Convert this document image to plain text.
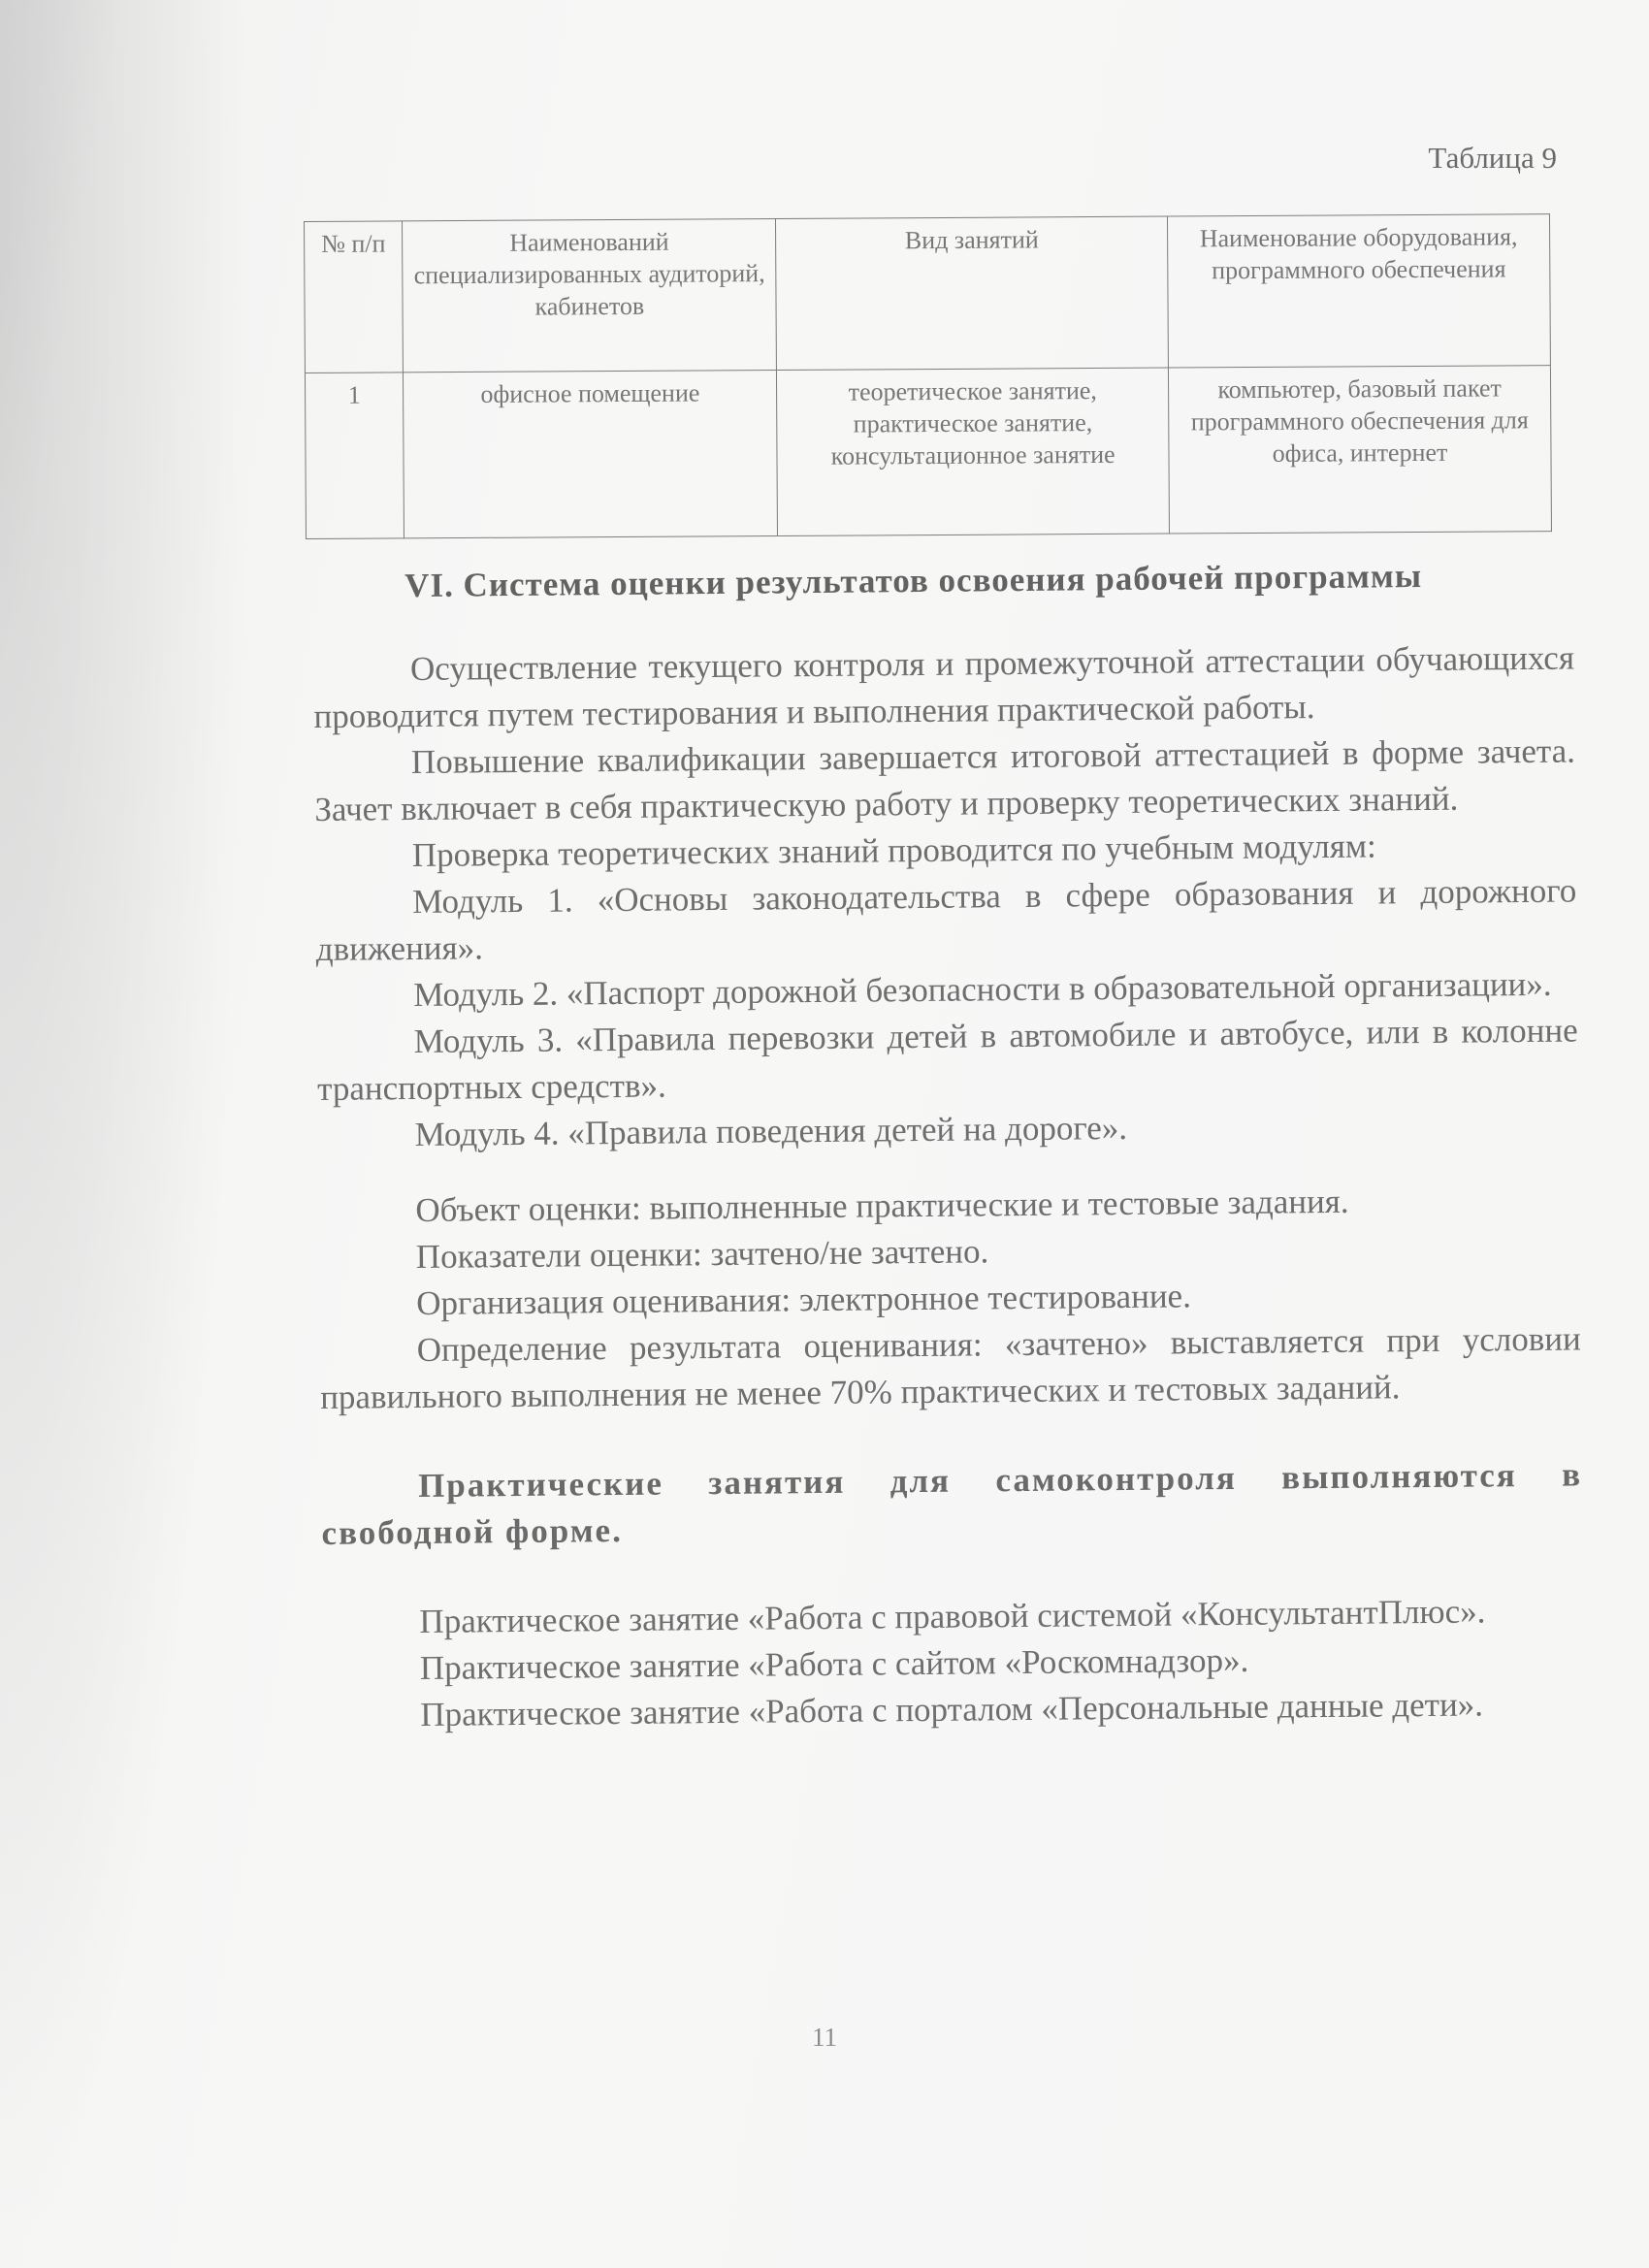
Таблица 9
№ п/п	Наименований специализированных аудиторий, кабинетов	Вид занятий	Наименование оборудования, программного обеспечения
1	офисное помещение	теоретическое занятие, практическое занятие, консультационное занятие	компьютер, базовый пакет программного обеспечения для офиса, интернет
VI. Система оценки результатов освоения рабочей программы

Осуществление текущего контроля и промежуточной аттестации обучающихся проводится путем тестирования и выполнения практической работы.

Повышение квалификации завершается итоговой аттестацией в форме зачета. Зачет включает в себя практическую работу и проверку теоретических знаний.

Проверка теоретических знаний проводится по учебным модулям:

Модуль 1. «Основы законодательства в сфере образования и дорожного движения».

Модуль 2. «Паспорт дорожной безопасности в образовательной организации».

Модуль 3. «Правила перевозки детей в автомобиле и автобусе, или в колонне транспортных средств».

Модуль 4. «Правила поведения детей на дороге».

Объект оценки: выполненные практические и тестовые задания.

Показатели оценки: зачтено/не зачтено.

Организация оценивания: электронное тестирование.

Определение результата оценивания: «зачтено» выставляется при условии правильного выполнения не менее 70% практических и тестовых заданий.

Практические занятия для самоконтроля выполняются в свободной форме.

Практическое занятие «Работа с правовой системой «КонсультантПлюс».

Практическое занятие «Работа с сайтом «Роскомнадзор».

Практическое занятие «Работа с порталом «Персональные данные дети».

11
